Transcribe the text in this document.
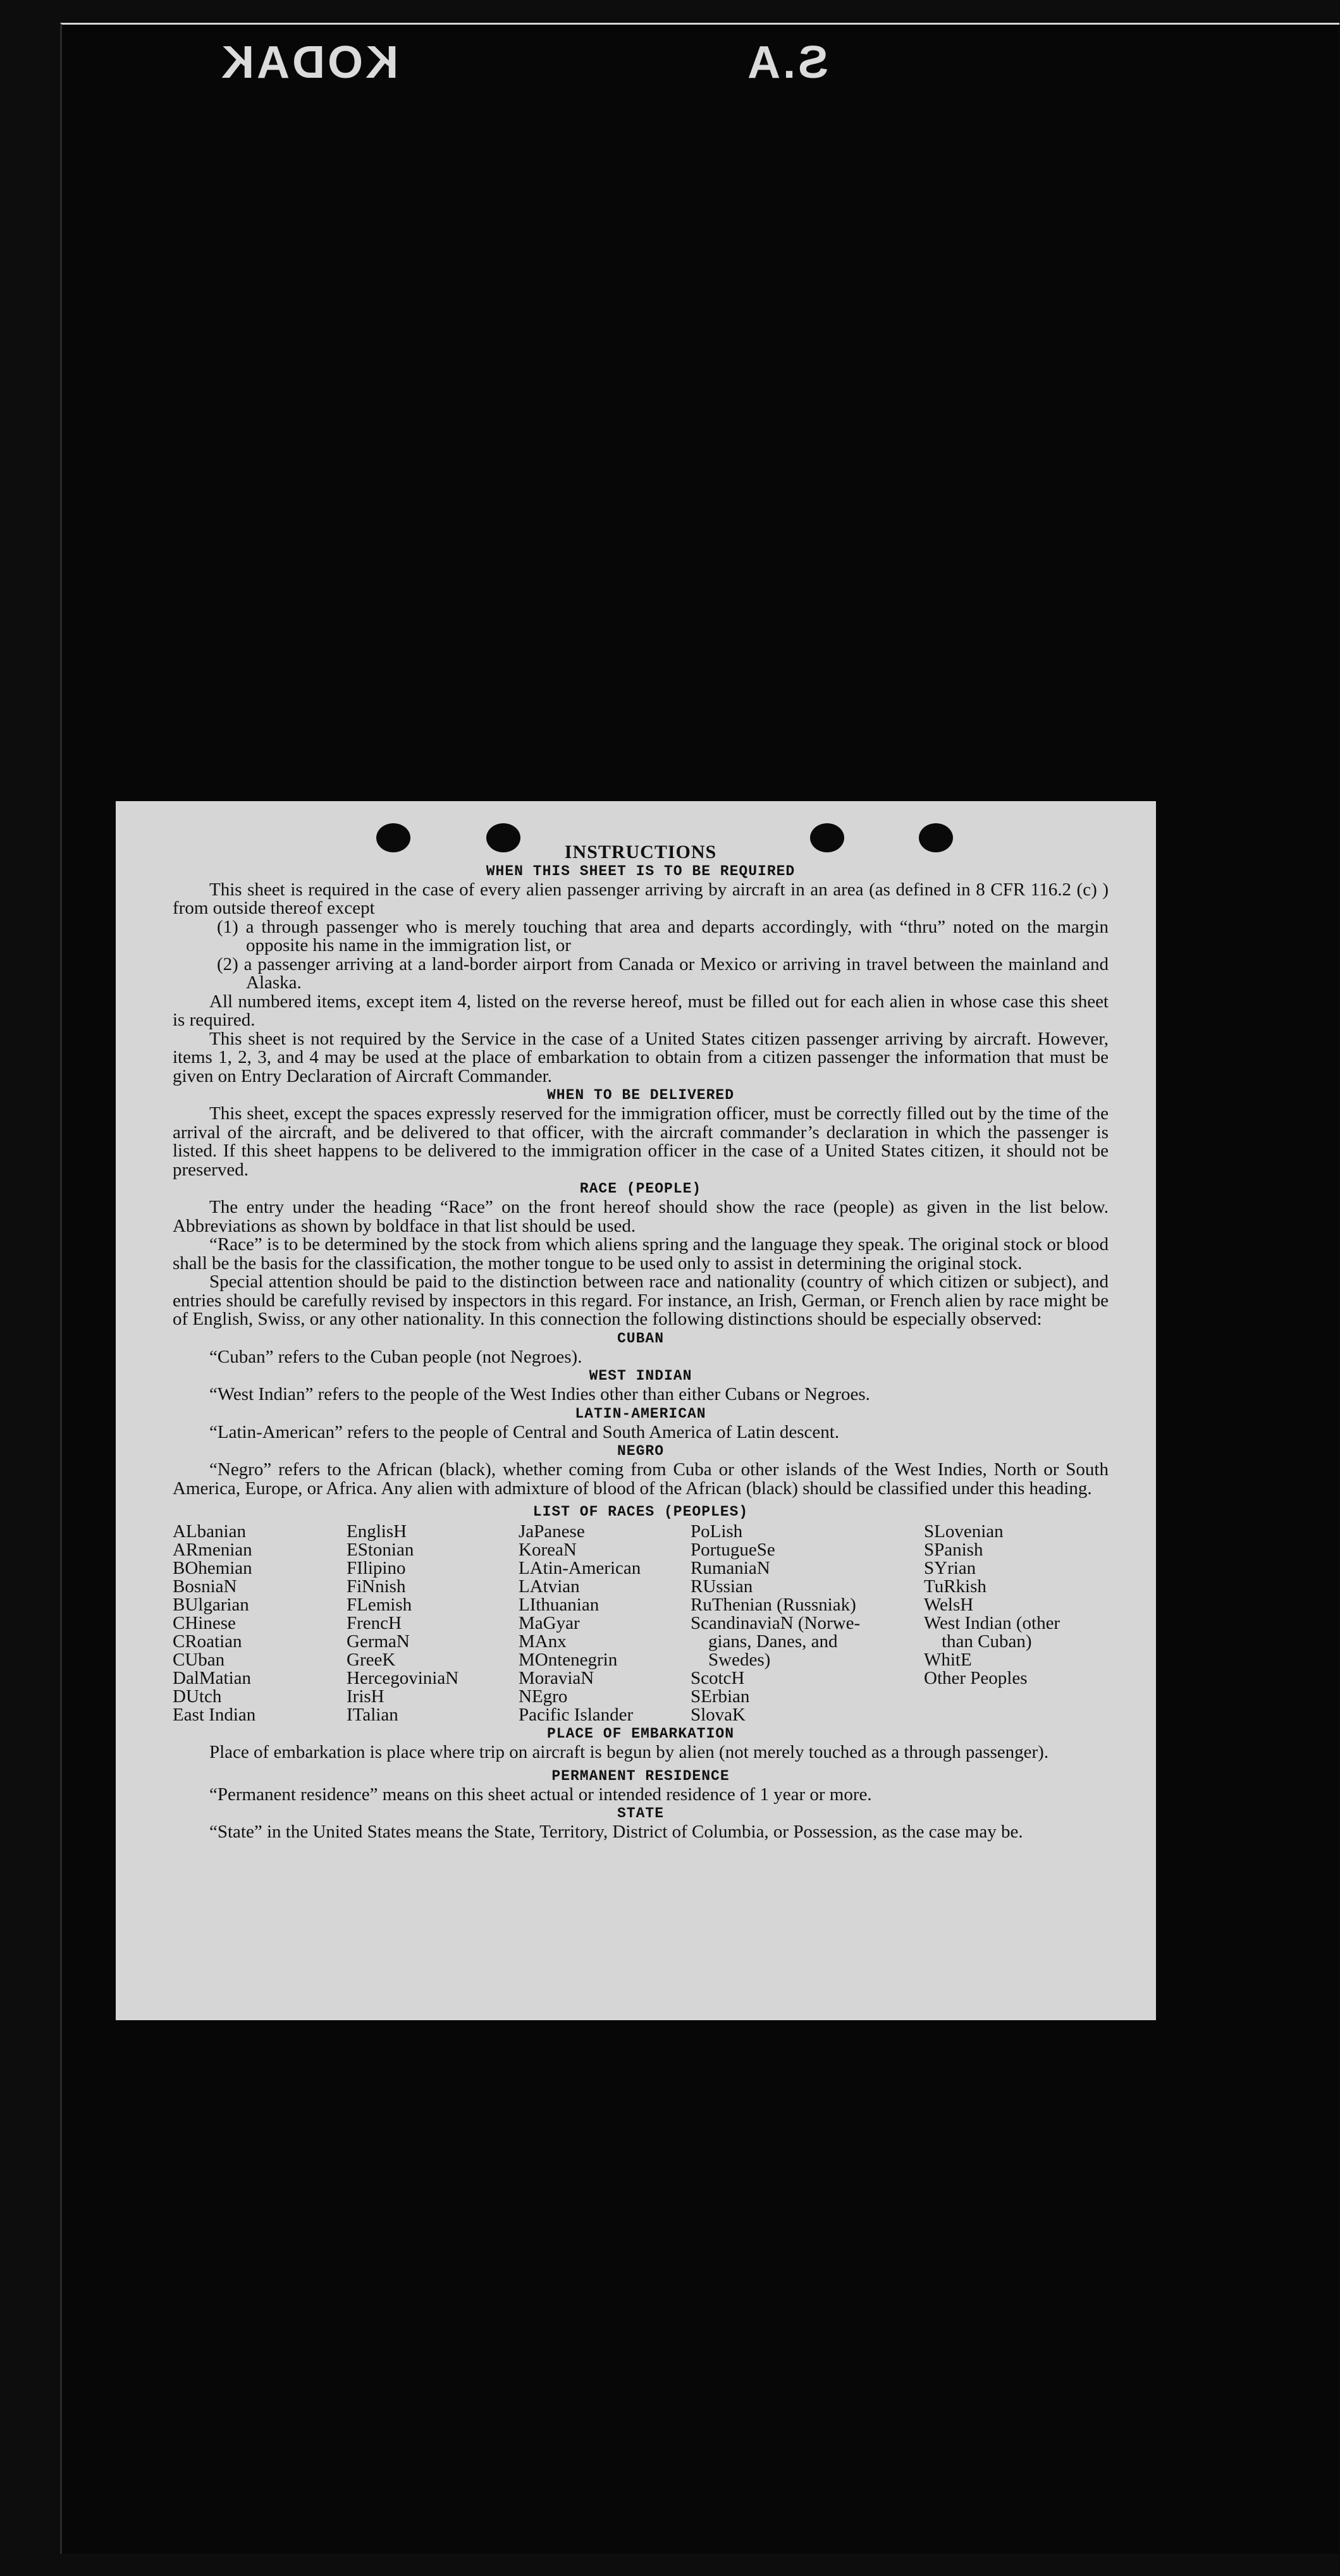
S.A
KODAK
INSTRUCTIONS
WHEN THIS SHEET IS TO BE REQUIRED

This sheet is required in the case of every alien passenger arriving by aircraft in an area (as defined in 8 CFR 116.2 (c) ) from outside thereof except

(1) a through passenger who is merely touching that area and departs accordingly, with “thru” noted on the margin opposite his name in the immigration list, or

(2) a passenger arriving at a land-border airport from Canada or Mexico or arriving in travel between the mainland and Alaska.

All numbered items, except item 4, listed on the reverse hereof, must be filled out for each alien in whose case this sheet is required.

This sheet is not required by the Service in the case of a United States citizen passenger arriving by aircraft. However, items 1, 2, 3, and 4 may be used at the place of embarkation to obtain from a citizen passenger the information that must be given on Entry Declaration of Aircraft Commander.

WHEN TO BE DELIVERED

This sheet, except the spaces expressly reserved for the immigration officer, must be correctly filled out by the time of the arrival of the aircraft, and be delivered to that officer, with the aircraft commander’s declaration in which the passenger is listed. If this sheet happens to be delivered to the immigration officer in the case of a United States citizen, it should not be preserved.

RACE (PEOPLE)

The entry under the heading “Race” on the front hereof should show the race (people) as given in the list below. Abbreviations as shown by boldface in that list should be used.

“Race” is to be determined by the stock from which aliens spring and the language they speak. The original stock or blood shall be the basis for the classification, the mother tongue to be used only to assist in determining the original stock.

Special attention should be paid to the distinction between race and nationality (country of which citizen or subject), and entries should be carefully revised by inspectors in this regard. For instance, an Irish, German, or French alien by race might be of English, Swiss, or any other nationality. In this connection the following distinctions should be especially observed:

CUBAN

“Cuban” refers to the Cuban people (not Negroes).

WEST INDIAN

“West Indian” refers to the people of the West Indies other than either Cubans or Negroes.

LATIN-AMERICAN

“Latin-American” refers to the people of Central and South America of Latin descent.

NEGRO

“Negro” refers to the African (black), whether coming from Cuba or other islands of the West Indies, North or South America, Europe, or Africa. Any alien with admixture of blood of the African (black) should be classified under this heading.

LIST OF RACES (PEOPLES)
ALbanian
ARmenian
BOhemian
BosniaN
BUlgarian
CHinese
CRoatian
CUban
DalMatian
DUtch
East Indian
EnglisH
EStonian
FIlipino
FiNnish
FLemish
FrencH
GermaN
GreeK
HercegoviniaN
IrisH
ITalian
JaPanese
KoreaN
LAtin-American
LAtvian
LIthuanian
MaGyar
MAnx
MOntenegrin
MoraviaN
NEgro
Pacific Islander
PoLish
PortugueSe
RumaniaN
RUssian
RuThenian (Russniak)
ScandinaviaN (Norwe-
gians, Danes, and
Swedes)
ScotcH
SErbian
SlovaK
SLovenian
SPanish
SYrian
TuRkish
WelsH
West Indian (other
than Cuban)
WhitE
Other Peoples
PLACE OF EMBARKATION

Place of embarkation is place where trip on aircraft is begun by alien (not merely touched as a through passenger).

PERMANENT RESIDENCE

“Permanent residence” means on this sheet actual or intended residence of 1 year or more.

STATE

“State” in the United States means the State, Territory, District of Columbia, or Possession, as the case may be.
